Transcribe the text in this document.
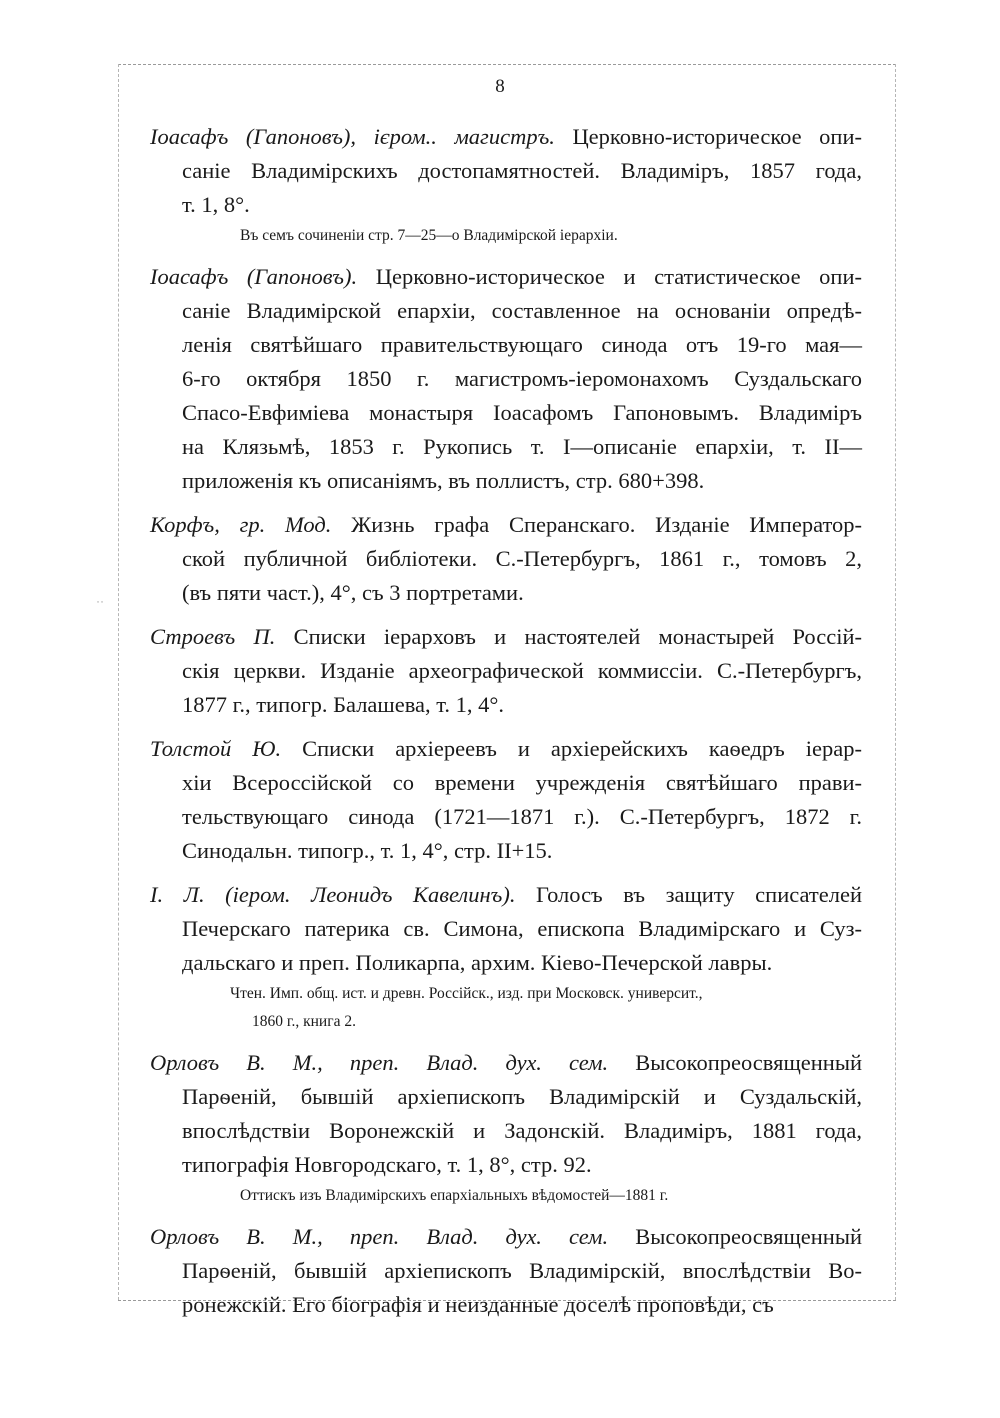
˙˙
8

Іоасафъ (Гапоновъ), ієром.. магистръ. Церковно-историческое опи-
саніе Владимірскихъ достопамятностей. Владиміръ, 1857 года,
т. 1, 8°.

Въ семъ сочиненіи стр. 7—25—о Владимірской іерархіи.

Іоасафъ (Гапоновъ). Церковно-историческое и статистическое опи-
саніе Владимірской епархіи, составленное на основаніи опредѣ-
ленія святѣйшаго правительствующаго синода отъ 19-го мая—
6-го октября 1850 г. магистромъ-іеромонахомъ Суздальскаго
Спасо-Евфиміева монастыря Іоасафомъ Гапоновымъ. Владиміръ
на Клязьмѣ, 1853 г. Рукопись т. I—описаніе епархіи, т. II—
приложенія къ описаніямъ, въ поллистъ, стр. 680+398.

Корфъ, гр. Мод. Жизнь графа Сперанскаго. Изданіе Император-
ской публичной библіотеки. С.-Петербургъ, 1861 г., томовъ 2,
(въ пяти част.), 4°, съ 3 портретами.

Строевъ П. Списки іерарховъ и настоятелей монастырей Россій-
скія церкви. Изданіе археографической коммиссіи. С.-Петербургъ,
1877 г., типогр. Балашева, т. 1, 4°.

Толстой Ю. Списки архіереевъ и архіерейскихъ каѳедръ іерар-
хіи Всероссійской со времени учрежденія святѣйшаго прави-
тельствующаго синода (1721—1871 г.). С.-Петербургъ, 1872 г.
Синодальн. типогр., т. 1, 4°, стр. II+15.

I. Л. (іером. Леонидъ Кавелинъ). Голосъ въ защиту списателей
Печерскаго патерика св. Симона, епископа Владимірскаго и Суз-
дальскаго и преп. Поликарпа, архим. Кіево-Печерской лавры.

Чтен. Имп. общ. ист. и древн. Россійск., изд. при Московск. университ.,
1860 г., книга 2.

Орловъ В. М., преп. Влад. дух. сем. Высокопреосвященный
Парѳеній, бывшій архіепископъ Владимірскій и Суздальскій,
впослѣдствіи Воронежскій и Задонскій. Владиміръ, 1881 года,
типографія Новгородскаго, т. 1, 8°, стр. 92.

Оттискъ изъ Владимірскихъ епархіальныхъ вѣдомостей—1881 г.

Орловъ В. М., преп. Влад. дух. сем. Высокопреосвященный
Парѳеній, бывшій архіепископъ Владимірскій, впослѣдствіи Во-
ронежскій. Его біографія и неизданные доселѣ проповѣди, съ
